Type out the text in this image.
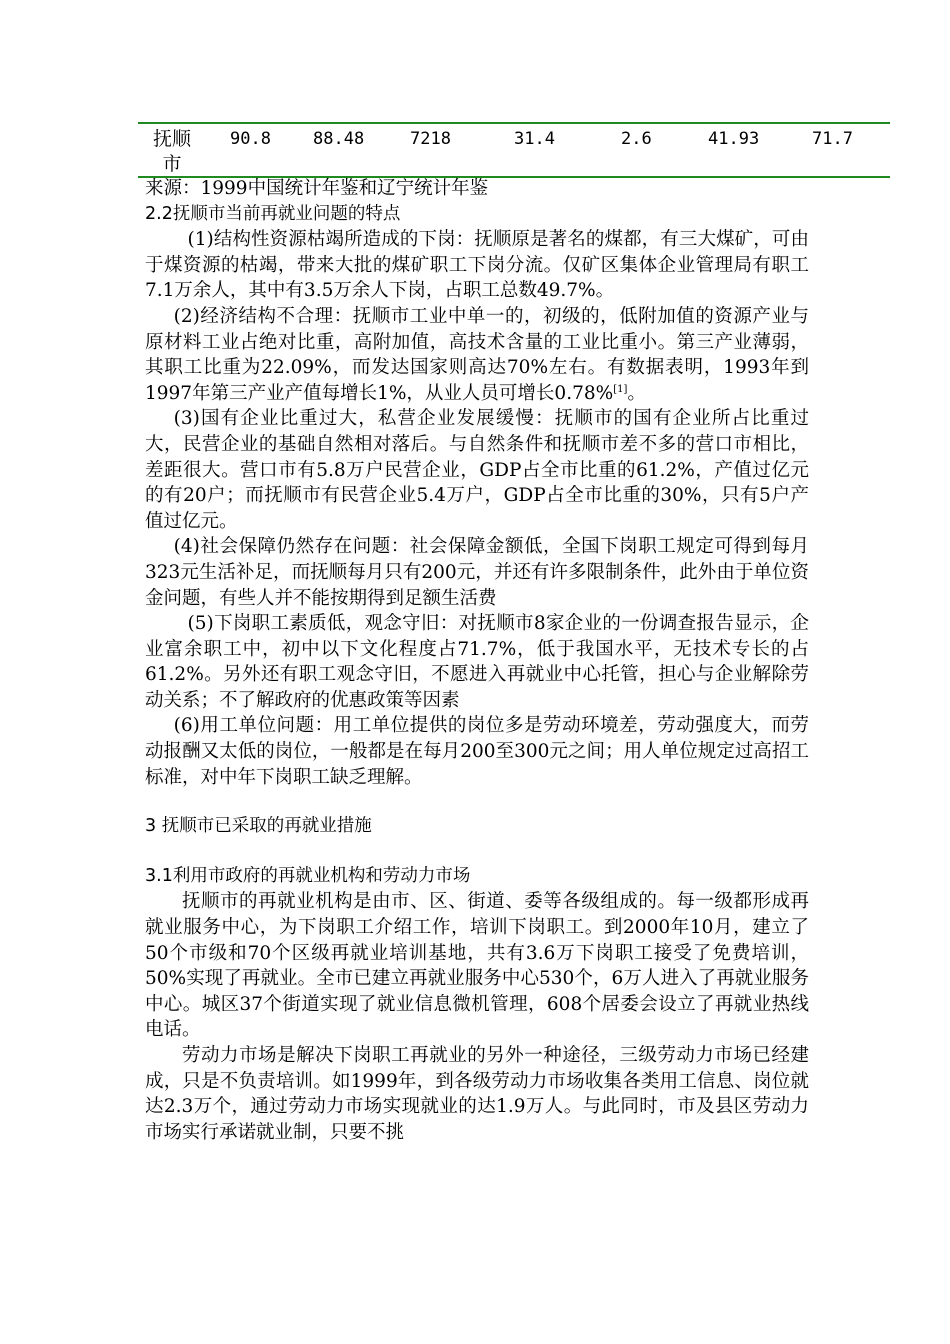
抚顺市
90.8 88.48	7218	31.4	2.6	41.93	71.7

来源：1999中国统计年鉴和辽宁统计年鉴

2.2抚顺市当前再就业问题的特点

(1)结构性资源枯竭所造成的下岗：抚顺原是著名的煤都，有三大煤矿，可由于煤资源的枯竭，带来大批的煤矿职工下岗分流。仅矿区集体企业管理局有职工7.1万余人，其中有3.5万余人下岗，占职工总数49.7%。

(2)经济结构不合理：抚顺市工业中单一的，初级的，低附加值的资源产业与原材料工业占绝对比重，高附加值，高技术含量的工业比重小。第三产业薄弱，其职工比重为22.09%，而发达国家则高达70%左右。有数据表明，1993年到1997年第三产业产值每增长1%，从业人员可增长0.78%[1]。

(3)国有企业比重过大，私营企业发展缓慢：抚顺市的国有企业所占比重过大，民营企业的基础自然相对落后。与自然条件和抚顺市差不多的营口市相比，差距很大。营口市有5.8万户民营企业，GDP占全市比重的61.2%，产值过亿元的有20户；而抚顺市有民营企业5.4万户，GDP占全市比重的30%，只有5户产值过亿元。

(4)社会保障仍然存在问题：社会保障金额低，全国下岗职工规定可得到每月323元生活补足，而抚顺每月只有200元，并还有许多限制条件，此外由于单位资金问题，有些人并不能按期得到足额生活费

(5)下岗职工素质低，观念守旧：对抚顺市8家企业的一份调查报告显示，企业富余职工中，初中以下文化程度占71.7%，低于我国水平，无技术专长的占61.2%。另外还有职工观念守旧，不愿进入再就业中心托管，担心与企业解除劳动关系；不了解政府的优惠政策等因素

(6)用工单位问题：用工单位提供的岗位多是劳动环境差，劳动强度大，而劳动报酬又太低的岗位，一般都是在每月200至300元之间；用人单位规定过高招工标准，对中年下岗职工缺乏理解。

3 抚顺市已采取的再就业措施

3.1利用市政府的再就业机构和劳动力市场

抚顺市的再就业机构是由市、区、街道、委等各级组成的。每一级都形成再就业服务中心，为下岗职工介绍工作，培训下岗职工。到2000年10月，建立了50个市级和70个区级再就业培训基地，共有3.6万下岗职工接受了免费培训，50%实现了再就业。全市已建立再就业服务中心530个，6万人进入了再就业服务中心。城区37个街道实现了就业信息微机管理，608个居委会设立了再就业热线电话。

劳动力市场是解决下岗职工再就业的另外一种途径，三级劳动力市场已经建成，只是不负责培训。如1999年，到各级劳动力市场收集各类用工信息、岗位就达2.3万个，通过劳动力市场实现就业的达1.9万人。与此同时，市及县区劳动力市场实行承诺就业制，只要不挑
